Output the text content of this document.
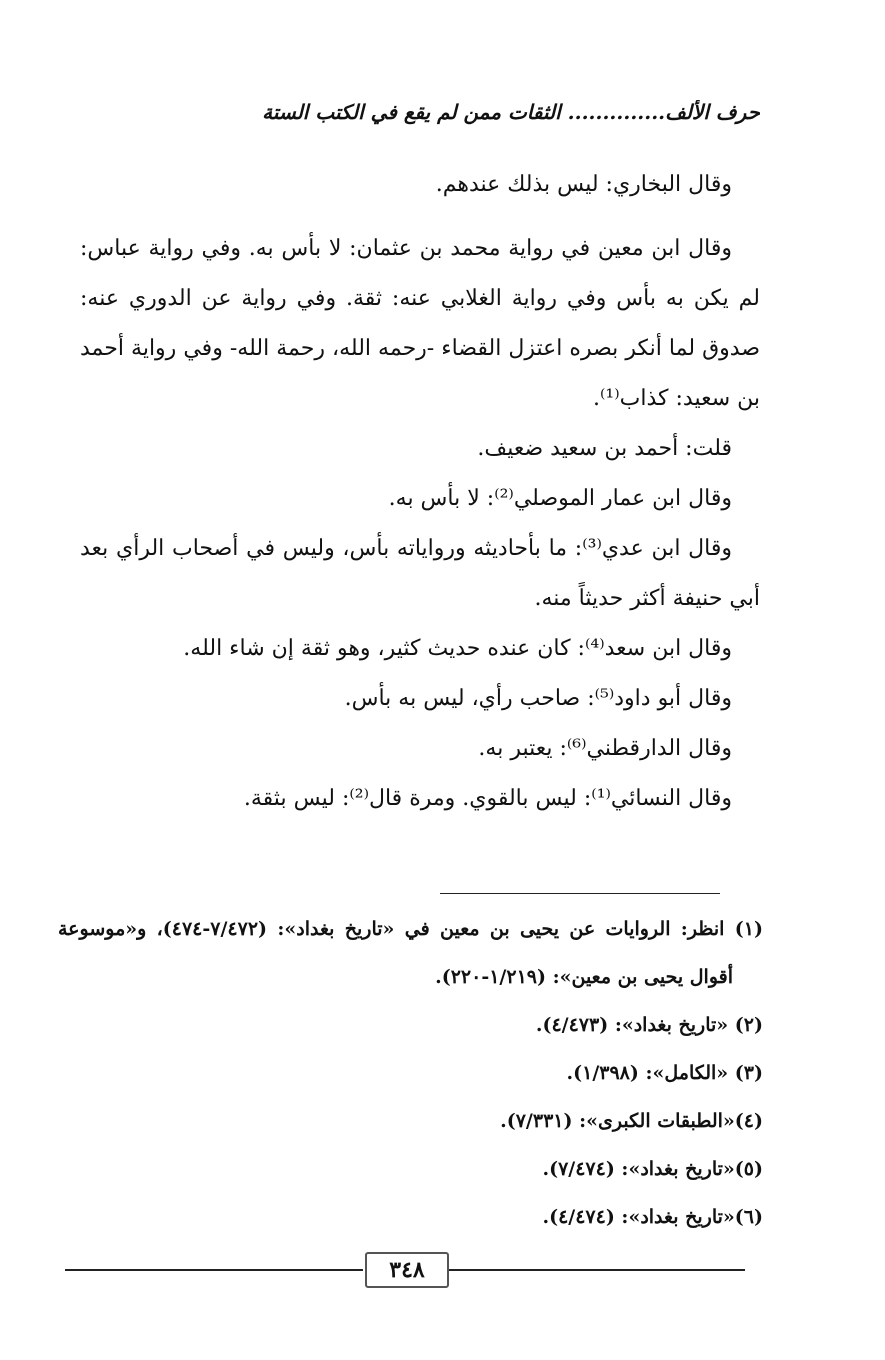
حرف الألف.............. الثقات ممن لم يقع في الكتب الستة

وقال البخاري: ليس بذلك عندهم.

وقال ابن معين في رواية محمد بن عثمان: لا بأس به. وفي رواية عباس: لم يكن به بأس وفي رواية الغلابي عنه: ثقة. وفي رواية عن الدوري عنه: صدوق لما أنكر بصره اعتزل القضاء -رحمه الله، رحمة الله- وفي رواية أحمد بن سعيد: كذاب⁽¹⁾.

قلت: أحمد بن سعيد ضعيف.

وقال ابن عمار الموصلي⁽²⁾: لا بأس به.

وقال ابن عدي⁽³⁾: ما بأحاديثه ورواياته بأس، وليس في أصحاب الرأي بعد أبي حنيفة أكثر حديثاً منه.

وقال ابن سعد⁽⁴⁾: كان عنده حديث كثير، وهو ثقة إن شاء الله.

وقال أبو داود⁽⁵⁾: صاحب رأي، ليس به بأس.

وقال الدارقطني⁽⁶⁾: يعتبر به.

وقال النسائي⁽¹⁾: ليس بالقوي. ومرة قال⁽²⁾: ليس بثقة.

(١) انظر: الروايات عن يحيى بن معين في «تاريخ بغداد»: (٧/٤٧٢-٤٧٤)، و«موسوعة أقوال يحيى بن معين»: (١/٢١٩-٢٢٠).

(٢) «تاريخ بغداد»: (٤/٤٧٣).

(٣) «الكامل»: (١/٣٩٨).

(٤)«الطبقات الكبرى»: (٧/٣٣١).

(٥)«تاريخ بغداد»: (٧/٤٧٤).

(٦)«تاريخ بغداد»: (٤/٤٧٤).

٣٤٨
